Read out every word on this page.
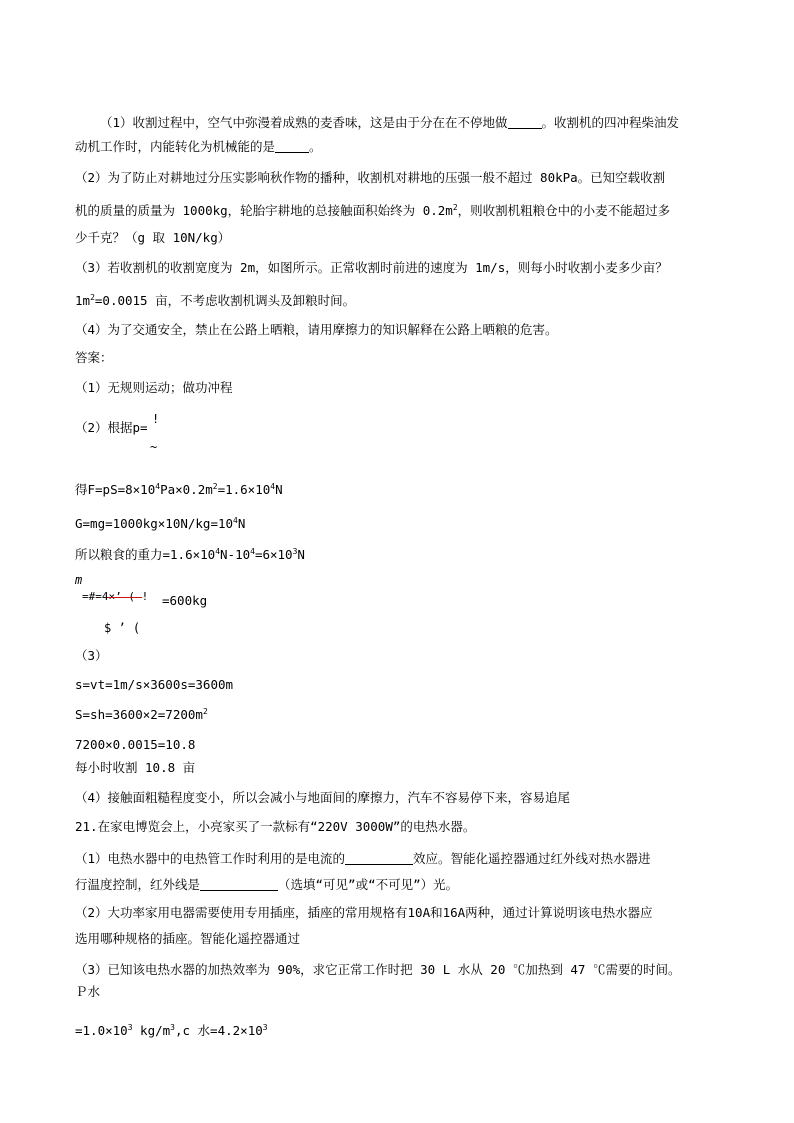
（1）收割过程中，空气中弥漫着成熟的麦香味，这是由于分在在不停地做	。收割机的四冲程柴油发
动机工作时，内能转化为机械能的是	。
（2）为了防止对耕地过分压实影响秋作物的播种，收割机对耕地的压强一般不超过 80kPa。已知空载收割
机的质量的质量为 1000kg，轮胎宇耕地的总接触面积始终为 $0.2m^2$，则收割机粗粮仓中的小麦不能超过多
少千克？（g 取 10N/kg）
（3）若收割机的收割宽度为 2m，如图所示。正常收割时前进的速度为 1m/s，则每小时收割小麦多少亩？
$1m^2=0.0015$ 亩，不考虑收割机调头及卸粮时间。
（4）为了交通安全，禁止在公路上晒粮，请用摩擦力的知识解释在公路上晒粮的危害。
答案：
（1）无规则运动；做功冲程
（2）根据p=
!
~
得$F=pS=8\times 10^4Pa\times 0.2m^2=1.6\times 10^4N$
$G=mg=1000kg\times 10N/kg=10^4N$
所以粮食的重力$=1.6\times 10^4N-10^4=6\times 10^3N$
m
=#=4×’ ( ! =600kg
$ ’ (
（3）
s=vt=1m/s×3600s=3600m
$S=sh=3600\times 2=7200m^2$
7200×0.0015=10.8
每小时收割 10.8 亩
（4）接触面粗糙程度变小，所以会减小与地面间的摩擦力，汽车不容易停下来，容易追尾
21.在家电博览会上，小亮家买了一款标有“220V 3000W”的电热水器。
（1）电热水器中的电热管工作时利用的是电流的	效应。智能化遥控器通过红外线对热水器进
行温度控制，红外线是	（选填“可见”或“不可见”）光。
（2）大功率家用电器需要使用专用插座，插座的常用规格有10A和16A两种，通过计算说明该电热水器应
选用哪种规格的插座。智能化遥控器通过
（3）已知该电热水器的加热效率为 90%，求它正常工作时把 30 L 水从 20 ℃加热到 47 ℃需要的时间。
Ｐ水
$=1.0\times 10^3$ $kg/m^3,c$ 水$=4.2\times 10^3$
